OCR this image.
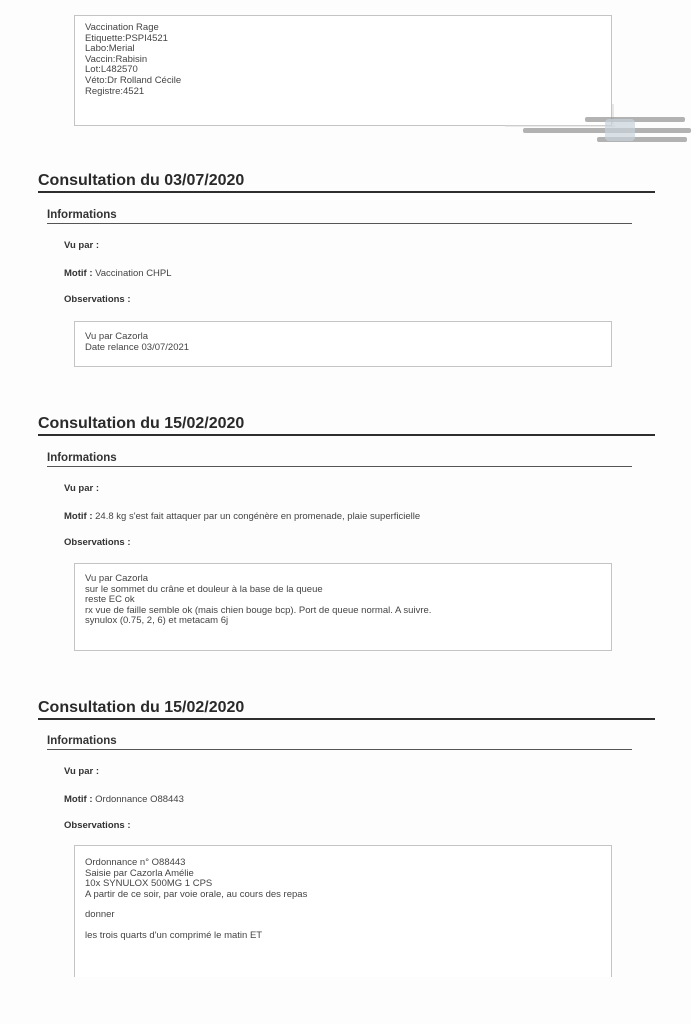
Vaccination Rage
Etiquette:PSPI4521
Labo:Merial
Vaccin:Rabisin
Lot:L482570
Véto:Dr Rolland Cécile
Registre:4521
Consultation du 03/07/2020
Informations
Vu par :
Motif : Vaccination CHPL
Observations :
Vu par Cazorla
Date relance 03/07/2021
Consultation du 15/02/2020
Informations
Vu par :
Motif : 24.8 kg s'est fait attaquer par un congénère en promenade, plaie superficielle
Observations :
Vu par Cazorla
sur le sommet du crâne et douleur à la base de la queue
reste EC ok
rx vue de faille semble ok (mais chien bouge bcp). Port de queue normal. A suivre.
synulox (0.75, 2, 6) et metacam 6j
Consultation du 15/02/2020
Informations
Vu par :
Motif : Ordonnance O88443
Observations :
Ordonnance n° O88443
Saisie par Cazorla Amélie
10x SYNULOX 500MG 1 CPS
A partir de ce soir, par voie orale, au cours des repas
donner
les trois quarts d'un comprimé le matin ET
